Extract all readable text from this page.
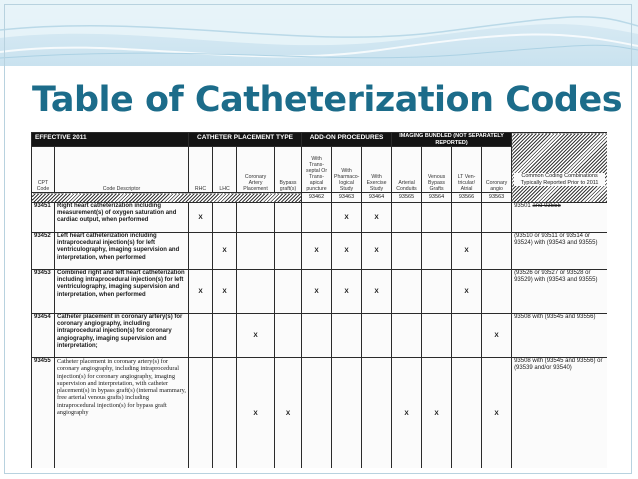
Table of Catheterization Codes
EFFECTIVE 2011		CATHETER PLACEMENT TYPE				ADD-ON PROCEDURES			IMAGING BUNDLED (NOT SEPARATELY REPORTED)				Common Coding Combinations Typically Reported Prior to 2011

CPT Code	Code Descriptor	RHC	LHC	Coronary Artery Placement	Bypass graft(s)	With Trans-septal Or Trans-apical puncture	With Pharmaco-logical Study	With Exercise Study	Arterial Conduits	Venous Bypass Grafts	LT Ven-tricular/ Atrial	Coronary angio	
						93462	93463	93464	93565	93564	93566	93563	
93451	Right heart catheterization including measurement(s) of oxygen saturation and cardiac output, when performed	X					X	X					93501 and 93555
93452	Left heart catheterization including intraprocedural injection(s) for left ventriculography, imaging supervision and interpretation, when performed		X			X	X	X			X		(93510 or 93511 or 93514 or 93524) with (93543 and 93555)
93453	Combined right and left heart catheterization including intraprocedural injection(s) for left ventriculography, imaging supervision and interpretation, when performed	X	X			X	X	X			X		(93526 or 93527 or 93528 or 93529) with (93543 and 93555)
93454	Catheter placement in coronary artery(s) for coronary angiography, including intraprocedural injection(s) for coronary angiography, imaging supervision and interpretation;			X								X	93508 with (93545 and 93556)
93455	Catheter placement in coronary artery(s) for coronary angiography, including intraprocedural injection(s) for coronary angiography, imaging supervision and interpretation, with catheter placement(s) in bypass graft(s) (internal mammary, free arterial venous grafts) including intraprocedural injection(s) for bypass graft angiography			X	X				X	X		X	93508 with (93545 and 93556) or (93539 and/or 93540)
